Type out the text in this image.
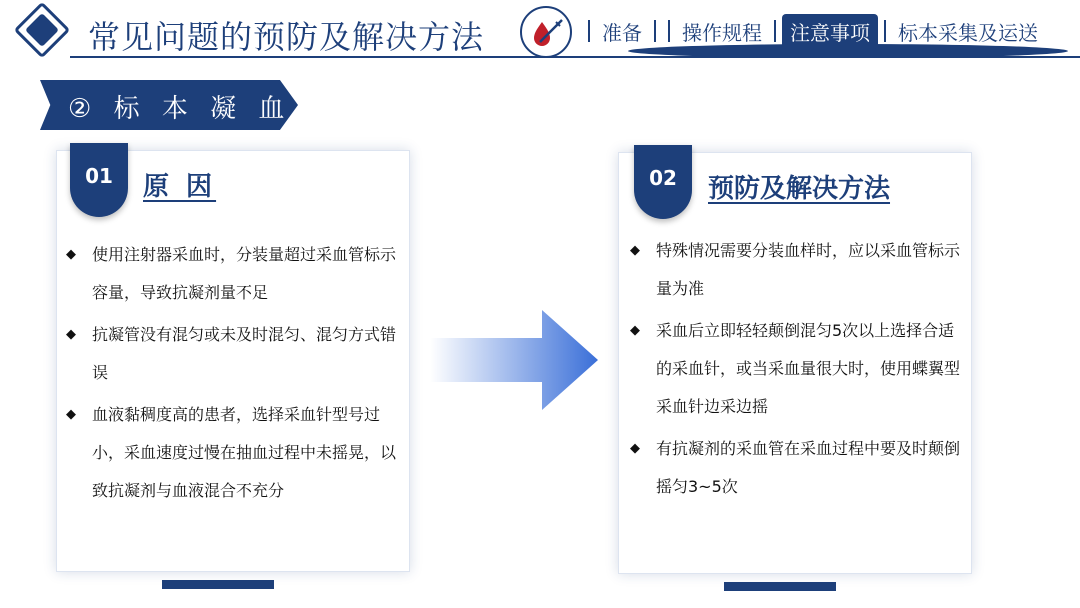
常见问题的预防及解决方法	准备	操作规程	注意事项	标本采集及运送
② 标 本 凝 血
01	原 因
◆ 使用注射器采血时，分装量超过采血管标示容量，导致抗凝剂量不足
◆ 抗凝管没有混匀或未及时混匀、混匀方式错误
◆ 血液黏稠度高的患者，选择采血针型号过小，采血速度过慢在抽血过程中未摇晃，以致抗凝剂与血液混合不充分
02	预防及解决方法
◆ 特殊情况需要分装血样时，应以采血管标示量为准
◆ 采血后立即轻轻颠倒混匀5次以上选择合适的采血针，或当采血量很大时，使用蝶翼型采血针边采边摇
◆ 有抗凝剂的采血管在采血过程中要及时颠倒摇匀3~5次
